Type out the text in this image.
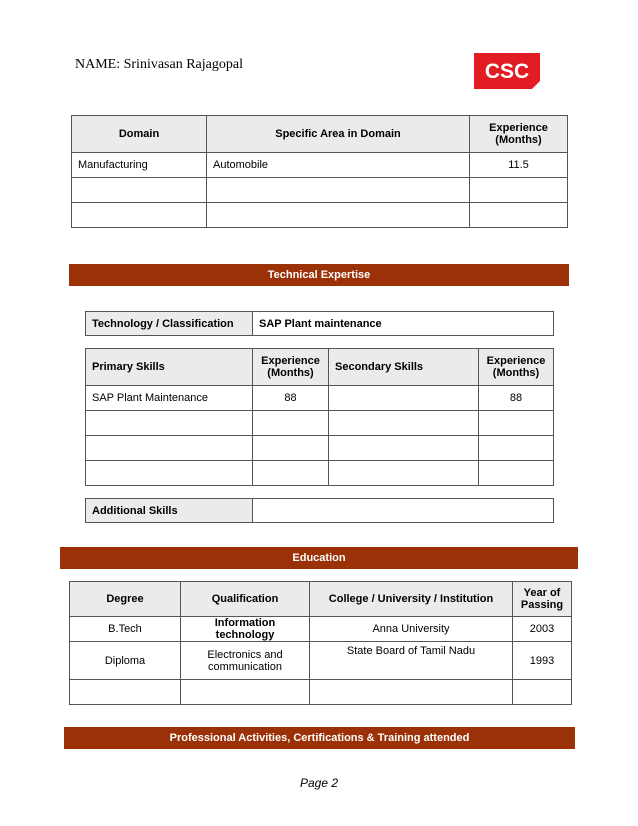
NAME: Srinivasan Rajagopal	CSC
Domain	Specific Area in Domain	Experience (Months)
Manufacturing	Automobile	11.5

Technical Expertise
Technology / Classification	SAP Plant maintenance
Primary Skills	Experience (Months)	Secondary Skills	Experience (Months)
SAP Plant Maintenance	88		88

Additional Skills	
Education
Degree	Qualification	College / University / Institution	Year of Passing
B.Tech	Information technology	Anna University	2003
Diploma	Electronics and communication	State Board of Tamil Nadu	1993

Professional Activities, Certifications & Training attended
Page 2
